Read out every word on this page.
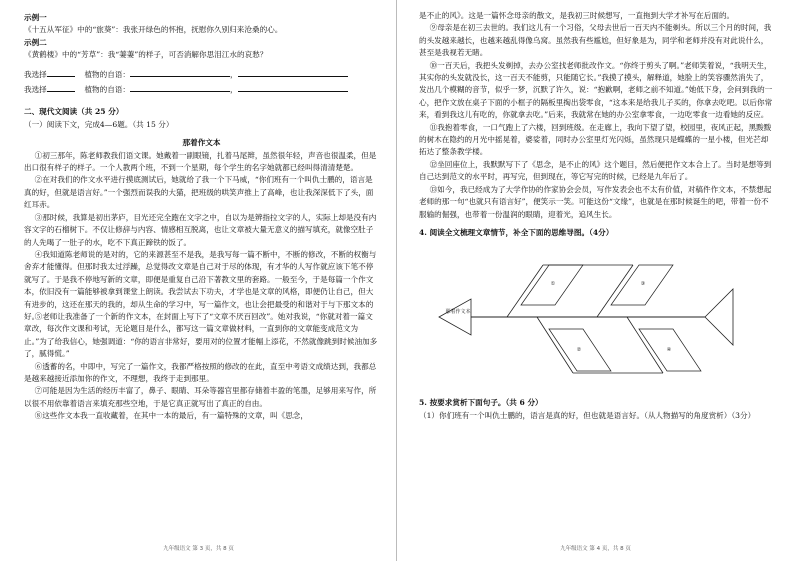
示例一

《十五从军征》中的“旅葵”：我张开绿色的怀抱，抚慰你久别归来沧桑的心。

示例二

《黄鹤楼》中的“芳草”：我“萋萋”的样子，可否消解你思泪江水的哀愁？

我选择	植物的自语：	，

我选择	植物的自语：	，

二、现代文阅读（共 25 分）

（一）阅读下文，完成4—6题。（共 15 分）

那着作文本

①初三那年，陈老师教我们语文课。她戴着一副眼镜，扎着马尾辫，虽然很年轻，声音也很温柔，但是出口很有样子的样子。一个人教两个班，不到一个星期，每个学生的名字她就都已经叫得清清楚楚。

②在对我们的作文水平进行摸底测试后，她就给了我一个下马威，“你们班有一个叫仇士鹏的，语言是真的好，但就是语言好。”一个强烈而误我的大猫，把班级的哄笑声推上了高峰，也让我深深低下了头，面红耳赤。

③那时候，我算是初出茅庐，目光还完全跑在文字之中，自以为是辨指拉文字的人，实际上却是没有内容文字的石榴树下。不仅让修辞与内容、情感相互脱离，也让文章被大量无意义的描写填充，就像空肚子的人先喝了一肚子的水，吃不下真正蹄铁的饭了。

④我知道陈老师说的是对的，它的来源甚至不是我，是我写每一篇不断中，不断的修改，不断的权衡与舍弃才能懂得。但那时我太过浮躁，总觉得改文章是自己对于尽的体现，有才华的人写作就应该下笔不停就写了。于是我不停地写新的文章，即便是重复自己沿下著教文里的套路。一般至今，于是每篇一个作文本，依旧没有一篇能够被拿到课堂上朗读。我尝试去下功夫，才学也是文章的风格，即便仍让自己，但大有进步的，这还在那天的我的，却从生命的学习中，写一篇作文，也让会把最受的和谐对于与下那文本的好。

⑤老师让我准备了一个新的作文本，在封面上写下了“文章不厌百回改”。她对我说，“你就对着一篇文章改，每次作文课和考试，无论题目是什么，都写这一篇文章做材料，一直到你的文章能变成范文为止。”为了给我信心，她强调道：“你的语言非常好，要用对的位置才能幅上添花，不然就像跳到时候油加多了，腻得慌。”

⑥透蓄的名，中即中，写完了一篇作文，我都严格按照的修改的在此，直至中考语文成绩达到，我都总是越来越接近添加你的作文，不理想，我终于走到那里。

⑦可能是因为生活的经历丰富了，鼻子、眼睛、耳朵等器官里都存储着丰盈的笔墨，足够用来写作，所以很不用依靠着语言来填充那些空地，于是它真正就写出了真正的自由。

⑧这些作文本我一直收藏着，在其中一本的最后，有一篇特殊的文章，叫《思念，

九年级语文 第 3 页，共 8 页

是不止的风》。这是一篇怀念母亲的散文，是我初三时候想写，一直拖到大学才补写在后面的。

⑨母亲是在初三去世的。我们这儿有一个习俗，父母去世后一百天内不能剃头。所以三个月的时间，我的头发越来越长，也越来越乱得像乌窝。虽然我有些尴尬，但好象是为，同学和老师并没有对此说什么，甚至是我视若无睹。

⑩一百天后，我把头发剃掉，去办公室找老师批改作文。“你终于剪头了啊。”老师笑着说，“我明天生，其实你的头发就没长，这一百天不能剪，只能随它长。”我摸了摸头，解释道，她脸上的笑容骤然消失了，发出几个模糊的音节，似乎一梦，沉默了许久，说：“抱歉啊，老师之前不知道。”她低下身，会问到我的一心，把作文放在桌子下面的小框子的隔板里掏出袋零食，“这本来是给我儿子买的，你拿去吃吧。以后你常来，看到我这儿有吃的，你就拿去吃。”后来，我就常在她的办公室拿零食，一边吃零食一边看她的反应。

⑪我抱着零食，一口气跑上了六楼，回到班级。在走廊上，我向下望了望，校园里，夜风正起，黑黢黢的树木在隐约的月光中摇晃着，婆娑着，同时办公室里灯光闪烁，虽然现只是蝶蝶的一星小楼，但光芒却拓达了整条教学楼。

⑫坐回座位上，我默默写下了《思念，是不止的风》这个题目，然后便把作文本合上了。当时是想等到自己达到范文的水平时，再写完，但到现在，等它写完的时候，已经是九年后了。

⑬如今，我已经成为了大学作协的作家协会会员，写作发表会也不太有价值，对稿件作文本，不禁想起老师的那一句“也就只有语言好”，便笑示一笑。可能这份“文缘”，也就是在那时候诞生的吧，带着一份不服输的倔强，也带着一份温润的眼睛，迎着光，追风生长。

4. 阅读全文梳理文章情节，补全下面的思维导图。（4分）

那着作文本
①
②
③
④

5. 按要求赏析下面句子。（共 6 分）

（1）你们班有一个叫仇士鹏的，语言是真的好，但也就是语言好。（从人物描写的角度赏析）（3分）

九年级语文 第 4 页，共 8 页
